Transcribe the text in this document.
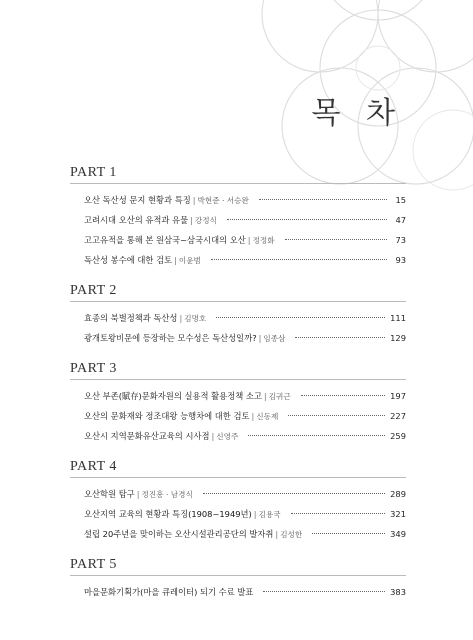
목 차
PART 1
오산 독산성 문지 현황과 특징 | 박현준 · 서승완	15
고려시대 오산의 유적과 유물 | 강정식	47
고고유적을 통해 본 원삼국~삼국시대의 오산 | 정정화	73
독산성 봉수에 대한 검토 | 이윤범	93
PART 2
효종의 북벌정책과 독산성 | 김명호	111
광개토왕비문에 등장하는 모수성은 독산성일까? | 임종삼	129
PART 3
오산 부존(賦存)문화자원의 실용적 활용정책 소고 | 김귀근	197
오산의 문화재와 정조대왕 능행차에 대한 검토 | 신동제	227
오산시 지역문화유산교육의 시사점 | 신영주	259
PART 4
오산학원 탐구 | 정진흥 · 남경식	289
오산지역 교육의 현황과 특징(1908~1949년) | 김용국	321
설립 20주년을 맞이하는 오산시설관리공단의 발자취 | 김성한	349
PART 5
마을문화기획가(마을 큐레이터) 되기 수료 발표	383
